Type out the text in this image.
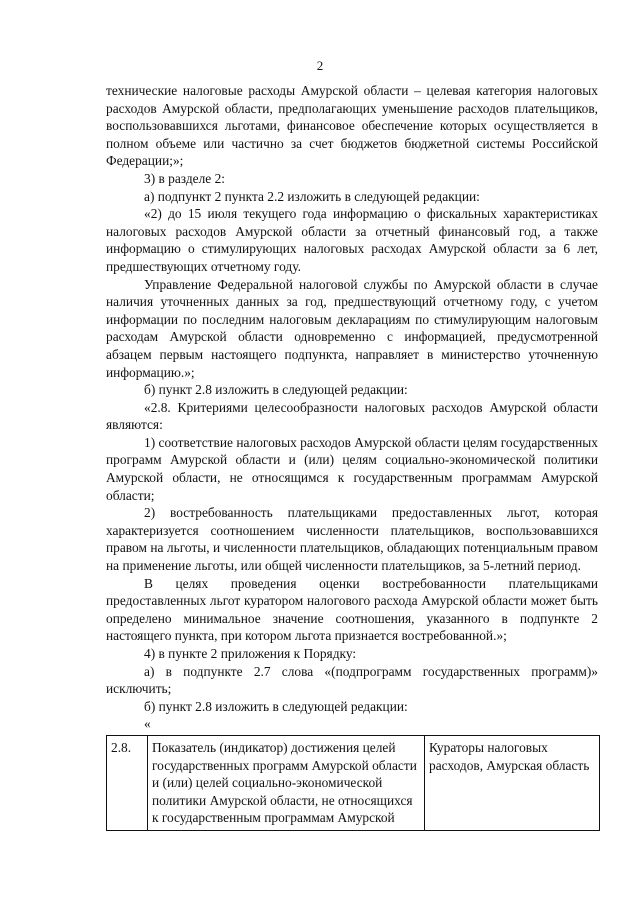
2

технические налоговые расходы Амурской области – целевая категория налоговых расходов Амурской области, предполагающих уменьшение расходов плательщиков, воспользовавшихся льготами, финансовое обеспечение которых осуществляется в полном объеме или частично за счет бюджетов бюджетной системы Российской Федерации;»;

3) в разделе 2:

а) подпункт 2 пункта 2.2 изложить в следующей редакции:

«2) до 15 июля текущего года информацию о фискальных характеристиках налоговых расходов Амурской области за отчетный финансовый год, а также информацию о стимулирующих налоговых расходах Амурской области за 6 лет, предшествующих отчетному году.

Управление Федеральной налоговой службы по Амурской области в случае наличия уточненных данных за год, предшествующий отчетному году, с учетом информации по последним налоговым декларациям по стимулирующим налоговым расходам Амурской области одновременно с информацией, предусмотренной абзацем первым настоящего подпункта, направляет в министерство уточненную информацию.»;

б) пункт 2.8 изложить в следующей редакции:

«2.8. Критериями целесообразности налоговых расходов Амурской области являются:

1) соответствие налоговых расходов Амурской области целям государственных программ Амурской области и (или) целям социально-экономической политики Амурской области, не относящимся к государственным программам Амурской области;

2) востребованность плательщиками предоставленных льгот, которая характеризуется соотношением численности плательщиков, воспользовавшихся правом на льготы, и численности плательщиков, обладающих потенциальным правом на применение льготы, или общей численности плательщиков, за 5-летний период.

В целях проведения оценки востребованности плательщиками предоставленных льгот куратором налогового расхода Амурской области может быть определено минимальное значение соотношения, указанного в подпункте 2 настоящего пункта, при котором льгота признается востребованной.»;

4) в пункте 2 приложения к Порядку:

а) в подпункте 2.7 слова «(подпрограмм государственных программ)» исключить;

б) пункт 2.8 изложить в следующей редакции:

«

2.8.	Показатель (индикатор) достижения целей государственных программ Амурской области и (или) целей социально-экономической политики Амурской области, не относящихся к государственным программам Амурской	Кураторы налоговых расходов, Амурская область
